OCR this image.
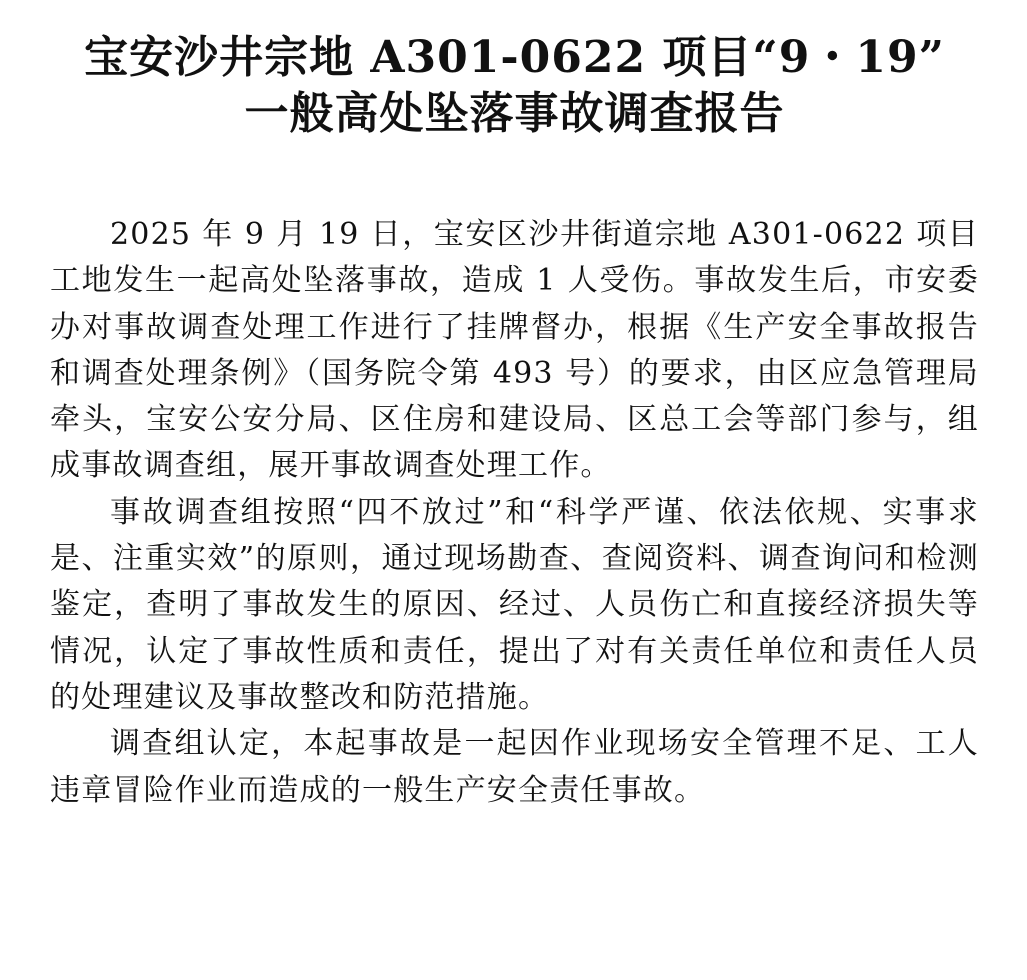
宝安沙井宗地 A301-0622 项目“9・19”
一般高处坠落事故调查报告

2025 年 9 月 19 日，宝安区沙井街道宗地 A301-0622 项目工地发生一起高处坠落事故，造成 1 人受伤。事故发生后，市安委办对事故调查处理工作进行了挂牌督办，根据《生产安全事故报告和调查处理条例》（国务院令第 493 号）的要求，由区应急管理局牵头，宝安公安分局、区住房和建设局、区总工会等部门参与，组成事故调查组，展开事故调查处理工作。

事故调查组按照“四不放过”和“科学严谨、依法依规、实事求是、注重实效”的原则，通过现场勘查、查阅资料、调查询问和检测鉴定，查明了事故发生的原因、经过、人员伤亡和直接经济损失等情况，认定了事故性质和责任，提出了对有关责任单位和责任人员的处理建议及事故整改和防范措施。

调查组认定，本起事故是一起因作业现场安全管理不足、工人违章冒险作业而造成的一般生产安全责任事故。
